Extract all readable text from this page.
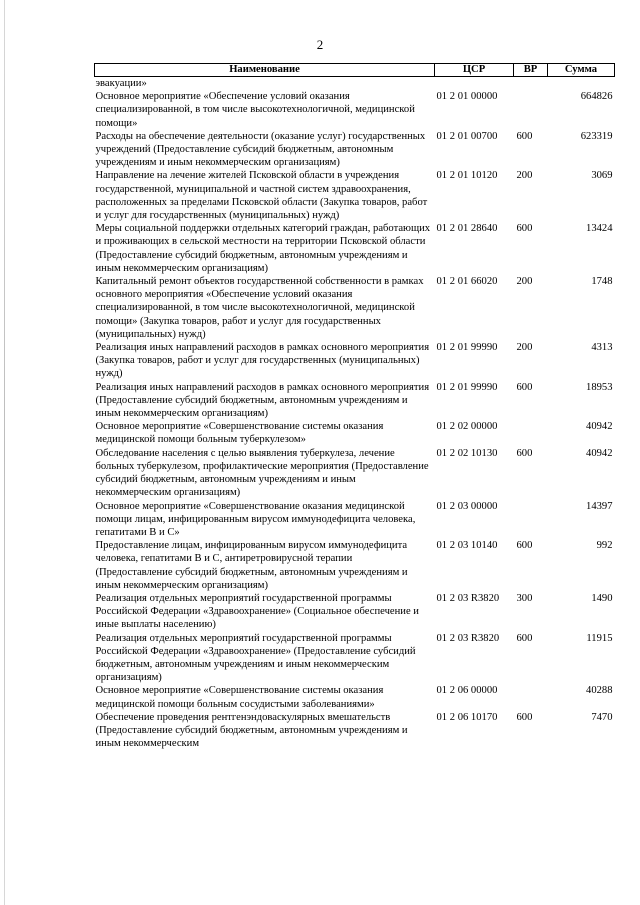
2
Наименование	ЦСР	ВР	Сумма
эвакуации»			
Основное мероприятие «Обеспечение условий оказания специализированной, в том числе высокотехнологичной, медицинской помощи»	01 2 01 00000		664826
Расходы на обеспечение деятельности (оказание услуг) государственных учреждений (Предоставление субсидий бюджетным, автономным учреждениям и иным некоммерческим организациям)	01 2 01 00700	600	623319
Направление на лечение жителей Псковской области в учреждения государственной, муниципальной и частной систем здравоохранения, расположенных за пределами Псковской области (Закупка товаров, работ и услуг для государственных (муниципальных) нужд)	01 2 01 10120	200	3069
Меры социальной поддержки отдельных категорий граждан, работающих и проживающих в сельской местности на территории Псковской области (Предоставление субсидий бюджетным, автономным учреждениям и иным некоммерческим организациям)	01 2 01 28640	600	13424
Капитальный ремонт объектов государственной собственности в рамках основного мероприятия «Обеспечение условий оказания специализированной, в том числе высокотехнологичной, медицинской помощи» (Закупка товаров, работ и услуг для государственных (муниципальных) нужд)	01 2 01 66020	200	1748
Реализация иных направлений расходов в рамках основного мероприятия (Закупка товаров, работ и услуг для государственных (муниципальных) нужд)	01 2 01 99990	200	4313
Реализация иных направлений расходов в рамках основного мероприятия (Предоставление субсидий бюджетным, автономным учреждениям и иным некоммерческим организациям)	01 2 01 99990	600	18953
Основное мероприятие «Совершенствование системы оказания медицинской помощи больным туберкулезом»	01 2 02 00000		40942
Обследование населения с целью выявления туберкулеза, лечение больных туберкулезом, профилактические мероприятия (Предоставление субсидий бюджетным, автономным учреждениям и иным некоммерческим организациям)	01 2 02 10130	600	40942
Основное мероприятие «Совершенствование оказания медицинской помощи лицам, инфицированным вирусом иммунодефицита человека, гепатитами B и C»	01 2 03 00000		14397
Предоставление лицам, инфицированным вирусом иммунодефицита человека, гепатитами B и C, антиретровирусной терапии (Предоставление субсидий бюджетным, автономным учреждениям и иным некоммерческим организациям)	01 2 03 10140	600	992
Реализация отдельных мероприятий государственной программы Российской Федерации «Здравоохранение» (Социальное обеспечение и иные выплаты населению)	01 2 03 R3820	300	1490
Реализация отдельных мероприятий государственной программы Российской Федерации «Здравоохранение» (Предоставление субсидий бюджетным, автономным учреждениям и иным некоммерческим организациям)	01 2 03 R3820	600	11915
Основное мероприятие «Совершенствование системы оказания медицинской помощи больным сосудистыми заболеваниями»	01 2 06 00000		40288
Обеспечение проведения рентгенэндоваскулярных вмешательств (Предоставление субсидий бюджетным, автономным учреждениям и иным некоммерческим	01 2 06 10170	600	7470
